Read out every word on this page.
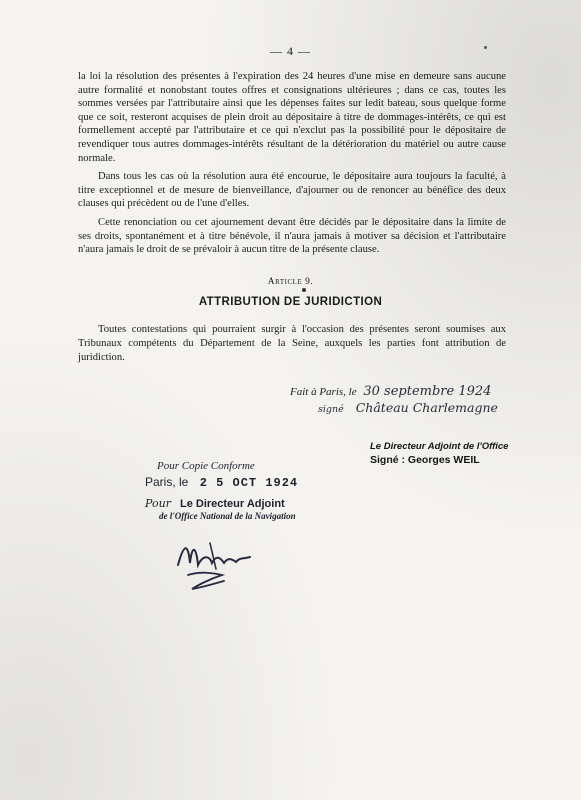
— 4 —

la loi la résolution des présentes à l'expiration des 24 heures d'une mise en demeure sans aucune autre formalité et nonobstant toutes offres et consignations ultérieures ; dans ce cas, toutes les sommes versées par l'attributaire ainsi que les dépenses faites sur ledit bateau, sous quelque forme que ce soit, resteront acquises de plein droit au dépositaire à titre de dommages-intérêts, ce qui est formellement accepté par l'attributaire et ce qui n'exclut pas la possibilité pour le dépositaire de revendiquer tous autres dommages-intérêts résultant de la détérioration du matériel ou autre cause normale.

Dans tous les cas où la résolution aura été encourue, le dépositaire aura toujours la faculté, à titre exceptionnel et de mesure de bienveillance, d'ajourner ou de renoncer au bénéfice des deux clauses qui précèdent ou de l'une d'elles.

Cette renonciation ou cet ajournement devant être décidés par le dépositaire dans la limite de ses droits, spontanément et à titre bénévole, il n'aura jamais à motiver sa décision et l'attributaire n'aura jamais le droit de se prévaloir à aucun titre de la présente clause.

Article 9.
ATTRIBUTION DE JURIDICTION
Toutes contestations qui pourraient surgir à l'occasion des présentes seront soumises aux Tribunaux compétents du Département de la Seine, auxquels les parties font attribution de juridiction.
Fait à Paris, le 30 septembre 1924
signé Château Charlemagne
Le Directeur Adjoint de l'Office
Signé : Georges WEIL
Pour Copie Conforme
Paris, le 2 5 OCT 1924
Pour Le Directeur Adjoint
de l'Office National de la Navigation
